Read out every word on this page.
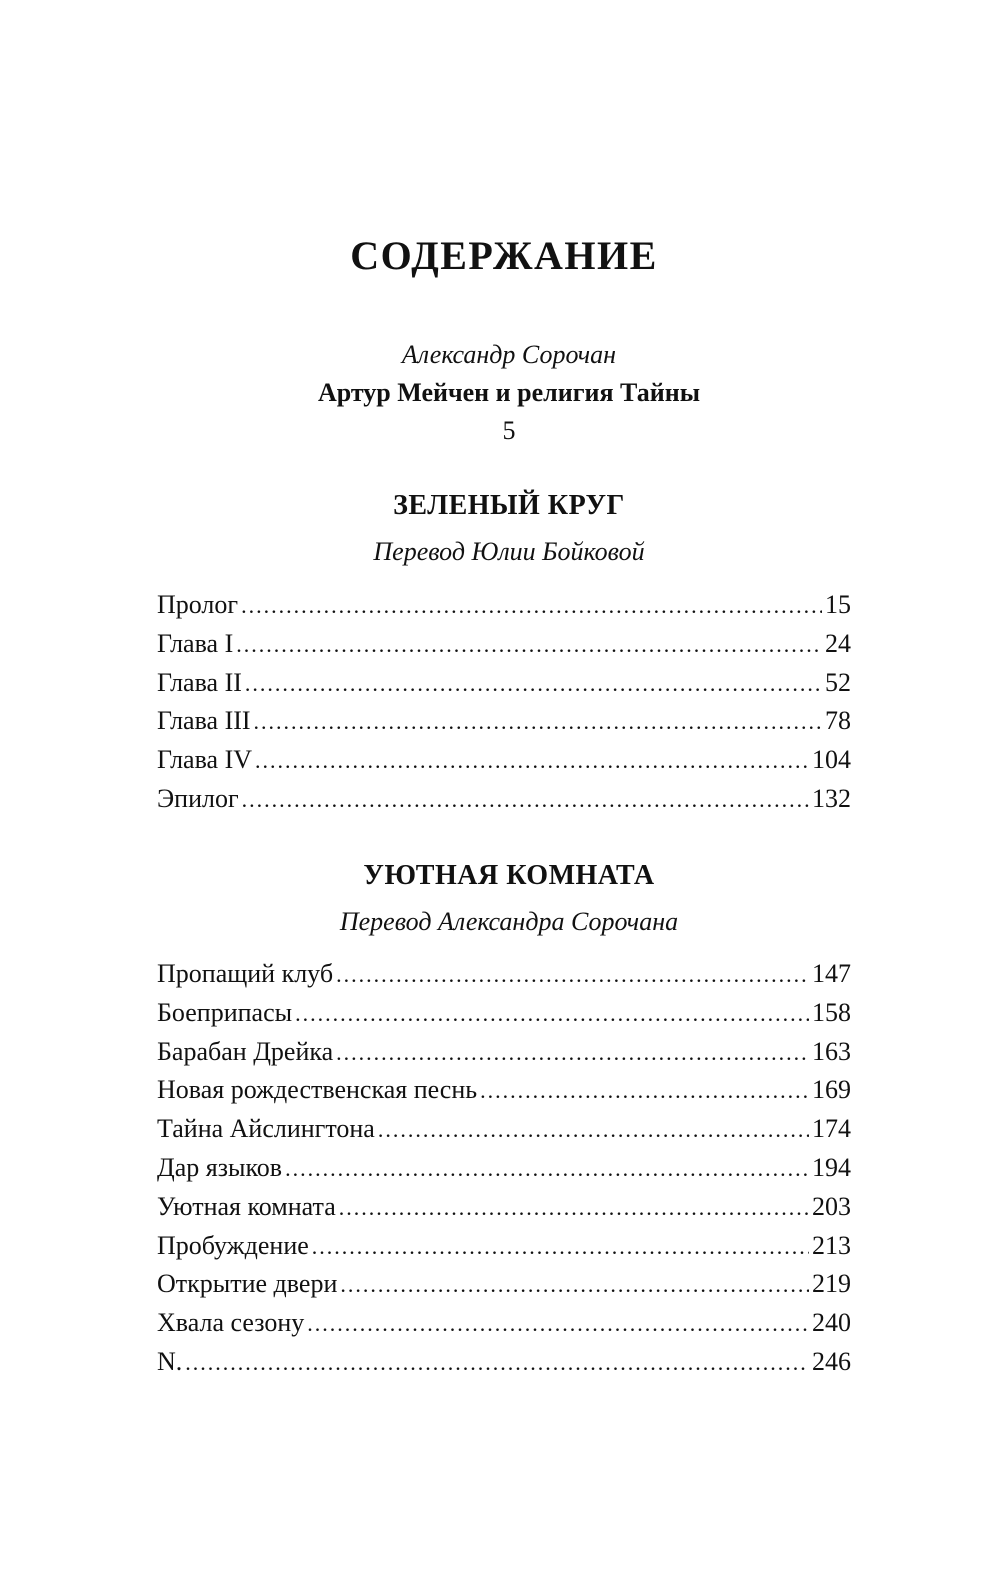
СОДЕРЖАНИЕ
Александр Сорочан
Артур Мейчен и религия Тайны
5
ЗЕЛЕНЫЙ КРУГ
Перевод Юлии Бойковой
Пролог .....	15
Глава I .....	24
Глава II .....	52
Глава III .....	78
Глава IV .....	104
Эпилог .....	132
УЮТНАЯ КОМНАТА
Перевод Александра Сорочана
Пропащий клуб .....	147
Боеприпасы .....	158
Барабан Дрейка .....	163
Новая рождественская песнь .....	169
Тайна Айслингтона .....	174
Дар языков .....	194
Уютная комната .....	203
Пробуждение .....	213
Открытие двери .....	219
Хвала сезону .....	240
N. .....	246
